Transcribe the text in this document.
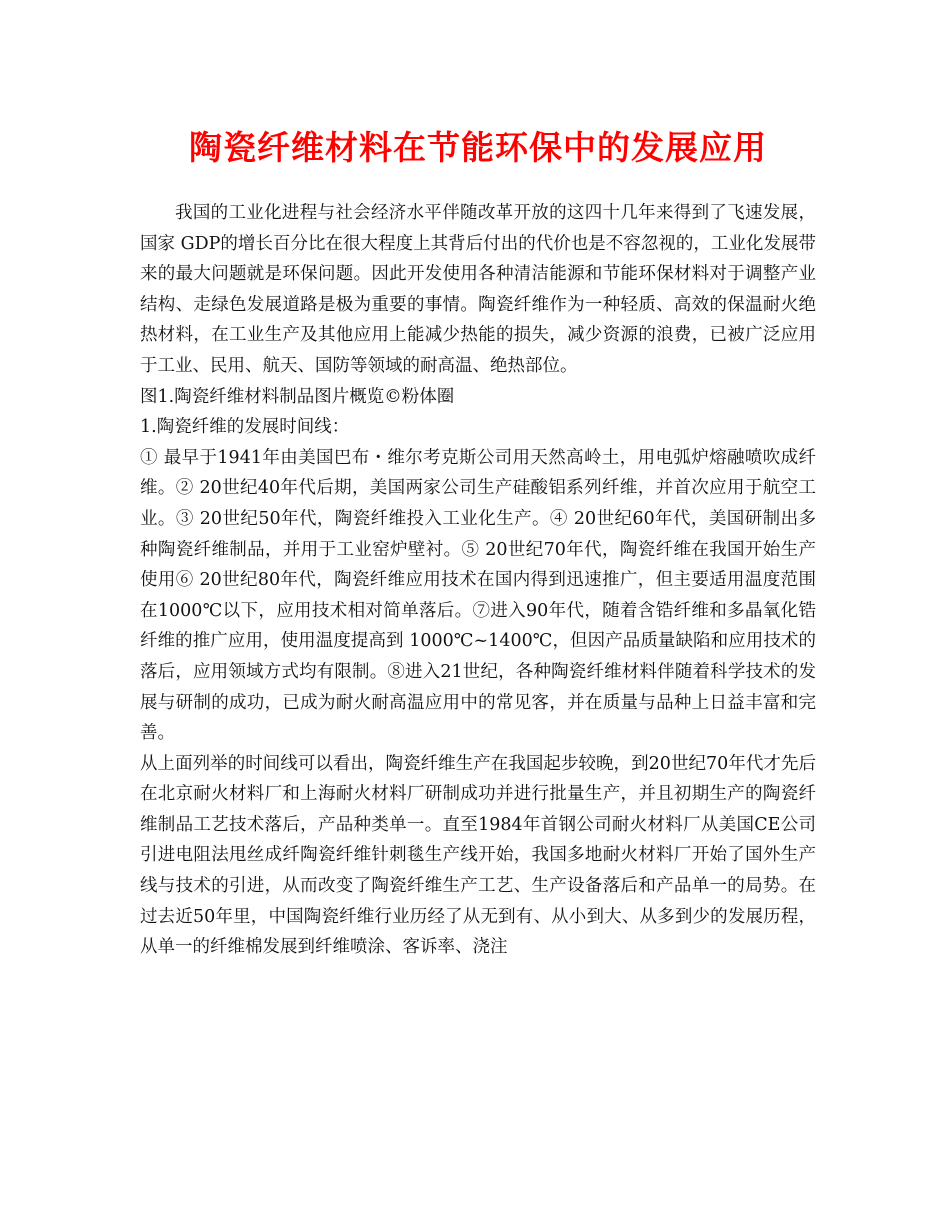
陶瓷纤维材料在节能环保中的发展应用

我国的工业化进程与社会经济水平伴随改革开放的这四十几年来得到了飞速发展，国家 GDP的增长百分比在很大程度上其背后付出的代价也是不容忽视的，工业化发展带来的最大问题就是环保问题。因此开发使用各种清洁能源和节能环保材料对于调整产业结构、走绿色发展道路是极为重要的事情。陶瓷纤维作为一种轻质、高效的保温耐火绝热材料，在工业生产及其他应用上能减少热能的损失，减少资源的浪费，已被广泛应用于工业、民用、航天、国防等领域的耐高温、绝热部位。

图1.陶瓷纤维材料制品图片概览©粉体圈

1.陶瓷纤维的发展时间线：

① 最早于1941年由美国巴布・维尔考克斯公司用天然高岭土，用电弧炉熔融喷吹成纤维。② 20世纪40年代后期，美国两家公司生产硅酸铝系列纤维，并首次应用于航空工业。③ 20世纪50年代，陶瓷纤维投入工业化生产。④ 20世纪60年代，美国研制出多种陶瓷纤维制品，并用于工业窑炉壁衬。⑤ 20世纪70年代，陶瓷纤维在我国开始生产使用⑥ 20世纪80年代，陶瓷纤维应用技术在国内得到迅速推广，但主要适用温度范围在1000℃以下，应用技术相对简单落后。⑦进入90年代，随着含锆纤维和多晶氧化锆纤维的推广应用，使用温度提高到 1000℃~1400℃，但因产品质量缺陷和应用技术的落后，应用领域方式均有限制。⑧进入21世纪，各种陶瓷纤维材料伴随着科学技术的发展与研制的成功，已成为耐火耐高温应用中的常见客，并在质量与品种上日益丰富和完善。

从上面列举的时间线可以看出，陶瓷纤维生产在我国起步较晚，到20世纪70年代才先后在北京耐火材料厂和上海耐火材料厂研制成功并进行批量生产，并且初期生产的陶瓷纤维制品工艺技术落后，产品种类单一。直至1984年首钢公司耐火材料厂从美国CE公司引进电阻法甩丝成纤陶瓷纤维针刺毯生产线开始，我国多地耐火材料厂开始了国外生产线与技术的引进，从而改变了陶瓷纤维生产工艺、生产设备落后和产品单一的局势。在过去近50年里，中国陶瓷纤维行业历经了从无到有、从小到大、从多到少的发展历程，从单一的纤维棉发展到纤维喷涂、客诉率、浇注
